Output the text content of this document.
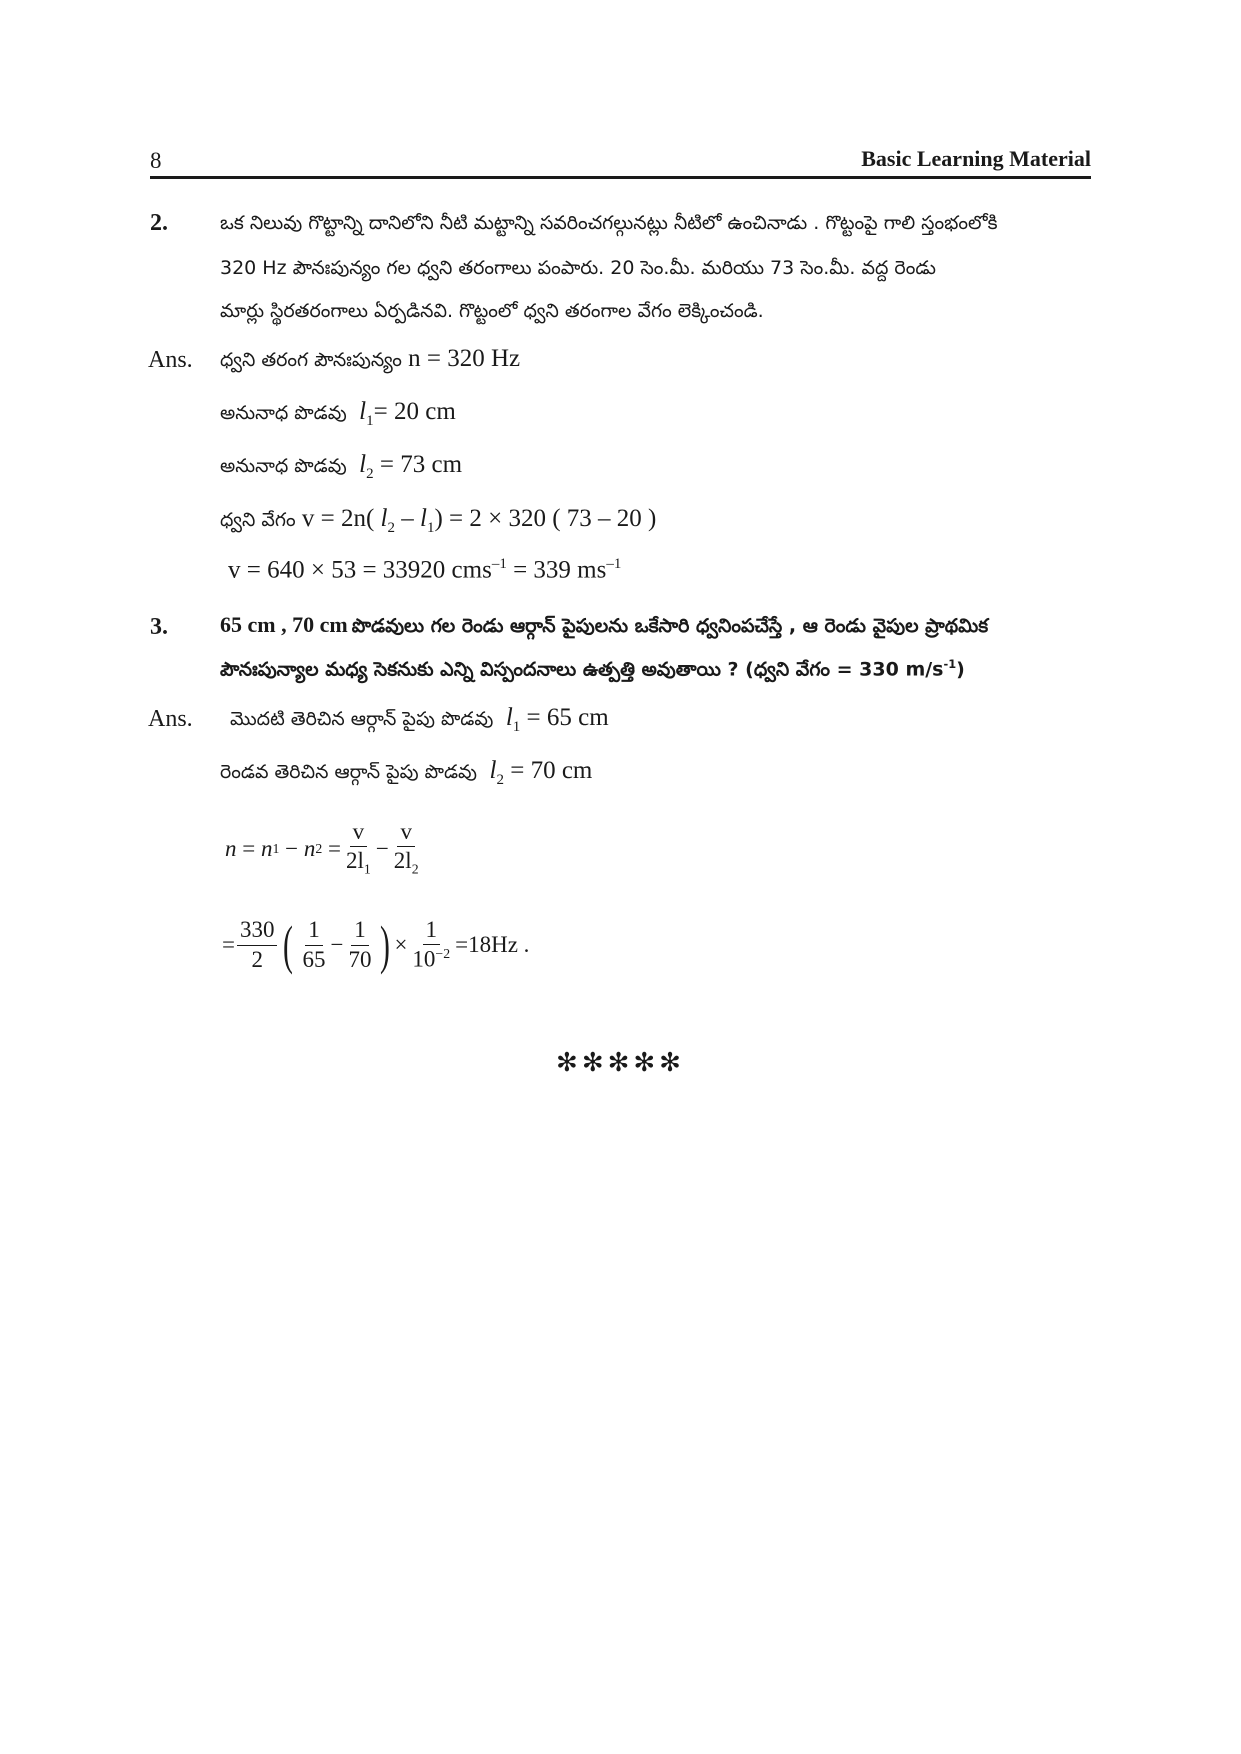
8	Basic Learning Material
2.	ఒక నిలువు గొట్టాన్ని దానిలోని నీటి మట్టాన్ని సవరించగల్గునట్లు నీటిలో ఉంచినాడు . గొట్టంపై గాలి స్తంభంలోకి
320 Hz పౌనఃపున్యం గల ధ్వని తరంగాలు పంపారు. 20 సెం.మీ. మరియు 73 సెం.మీ. వద్ద రెండు
మార్లు స్థిరతరంగాలు ఏర్పడినవి. గొట్టంలో ధ్వని తరంగాల వేగం లెక్కించండి.
Ans. ధ్వని తరంగ పౌనఃపున్యం n = 320 Hz
అనునాధ పొడవు $l_1= 20$ cm
అనునాధ పొడవు $l_2 = 73$ cm
ధ్వని వేగం v = 2n( $l_2 - l_1) = 2 \times 320$ ( 73 – 20 )
v = 640 × 53 = 33920 cms$^{-1}$ = 339 $ms^{-1}$
3. 65 cm , 70 cm పొడవులు గల రెండు ఆర్గాన్ పైపులను ఒకేసారి ధ్వనింపచేస్తే , ఆ రెండు వైపుల ప్రాథమిక
పౌనఃపున్యాల మధ్య సెకనుకు ఎన్ని విస్పందనాలు ఉత్పత్తి అవుతాయి ? (ధ్వని వేగం = 330 $m/s^{-1}$)
Ans. మొదటి తెరిచిన ఆర్గాన్ పైపు పొడవు $l_1 = 65$ cm
రెండవ తెరిచిన ఆర్గాన్ పైపు పొడవు $l_2 = 70$ cm
n = n 1 − n $2 = \frac{v}{2l_1} - \frac{v}{2l_2}$
= $\frac{330}{2}$ ( $\frac{1}{65} - \frac{1}{70}$ ) × $\frac{1}{10^{-2}} =18Hz$
.
✻✻✻✻✻
